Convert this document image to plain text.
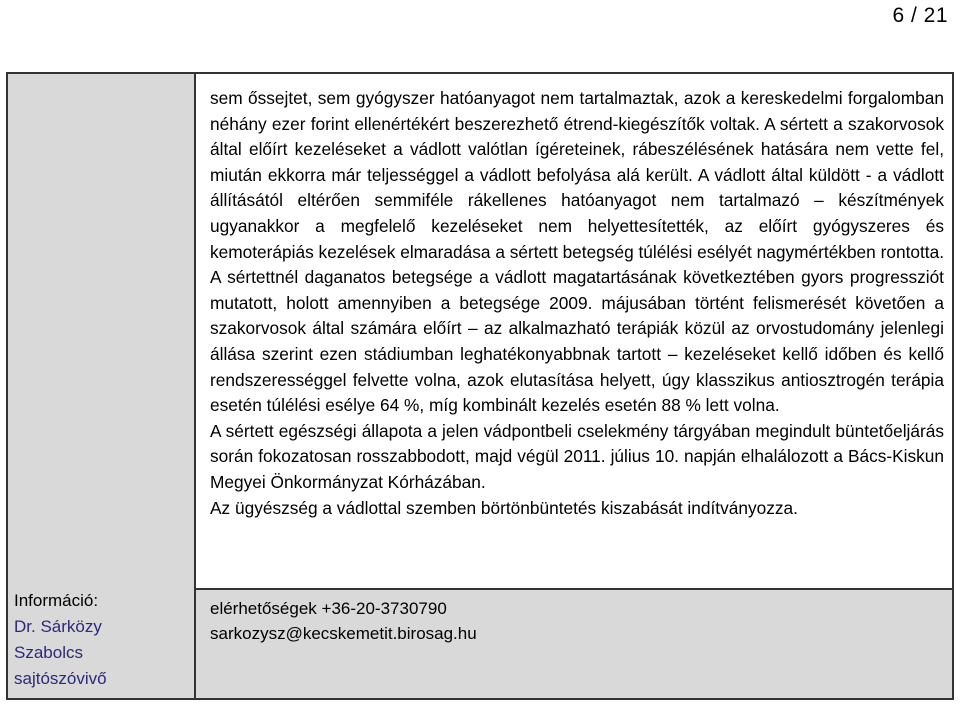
6 / 21
Információ:
Dr. Sárközy
Szabolcs
sajtószóvivő

sem őssejtet, sem gyógyszer hatóanyagot nem tartalmaztak, azok a kereskedelmi forgalomban néhány ezer forint ellenértékért beszerezhető étrend-kiegészítők voltak. A sértett a szakorvosok által előírt kezeléseket a vádlott valótlan ígéreteinek, rábeszélésének hatására nem vette fel, miután ekkorra már teljességgel a vádlott befolyása alá került. A vádlott által küldött - a vádlott állításától eltérően semmiféle rákellenes hatóanyagot nem tartalmazó – készítmények ugyanakkor a megfelelő kezeléseket nem helyettesítették, az előírt gyógyszeres és kemoterápiás kezelések elmaradása a sértett betegség túlélési esélyét nagymértékben rontotta. A sértettnél daganatos betegsége a vádlott magatartásának következtében gyors progressziót mutatott, holott amennyiben a betegsége 2009. májusában történt felismerését követően a szakorvosok által számára előírt – az alkalmazható terápiák közül az orvostudomány jelenlegi állása szerint ezen stádiumban leghatékonyabbnak tartott – kezeléseket kellő időben és kellő rendszerességgel felvette volna, azok elutasítása helyett, úgy klasszikus antiosztrogén terápia esetén túlélési esélye 64 %, míg kombinált kezelés esetén 88 % lett volna.

A sértett egészségi állapota a jelen vádpontbeli cselekmény tárgyában megindult büntetőeljárás során fokozatosan rosszabbodott, majd végül 2011. július 10. napján elhalálozott a Bács-Kiskun Megyei Önkormányzat Kórházában.

Az ügyészség a vádlottal szemben börtönbüntetés kiszabását indítványozza.

elérhetőségek +36-20-3730790
sarkozysz@kecskemetit.birosag.hu
